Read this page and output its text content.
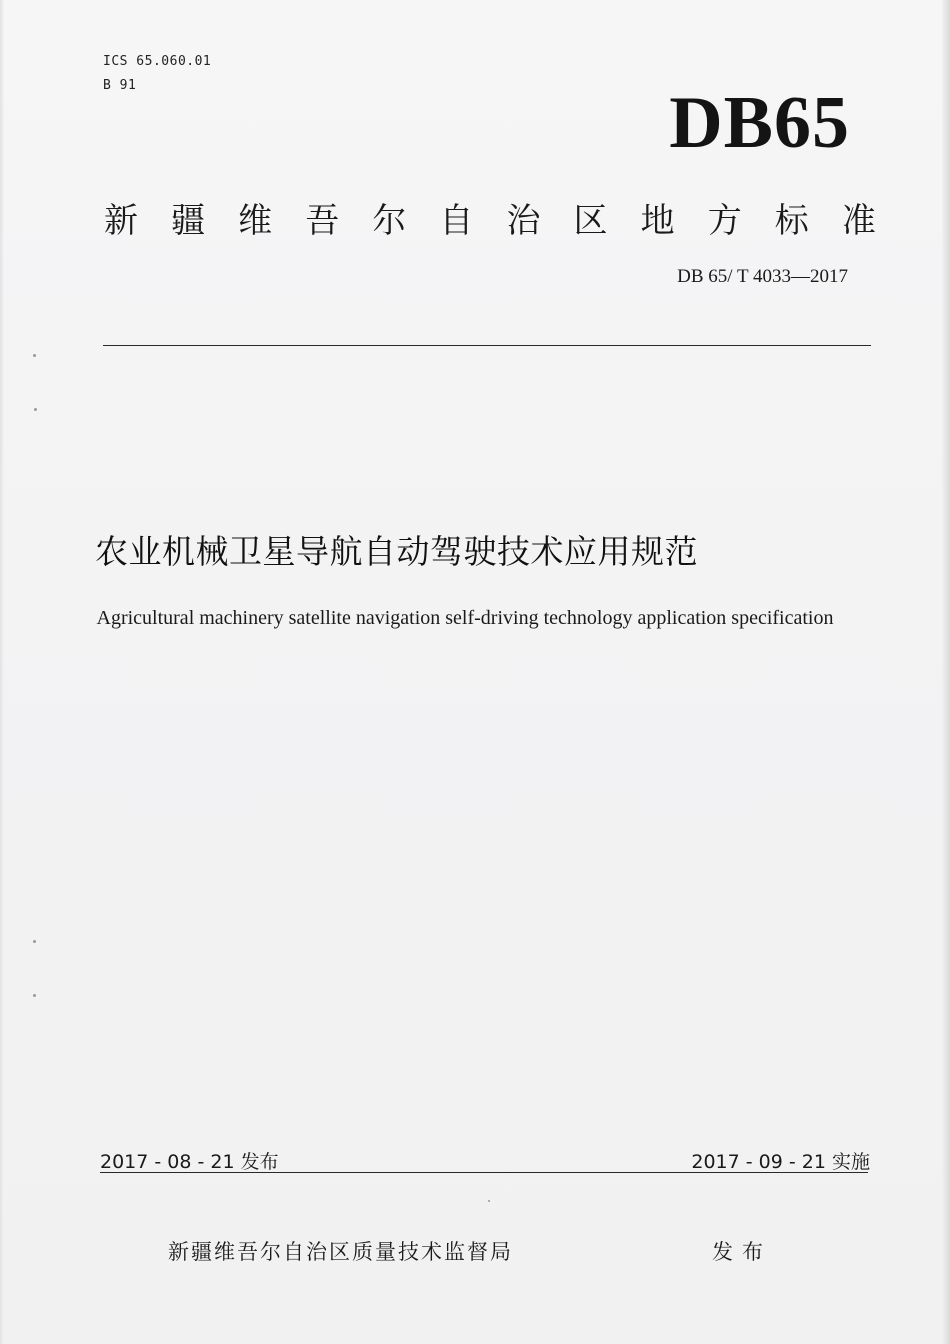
ICS 65.060.01
B 91	DB65
新 疆 维 吾 尔 自 治 区 地 方 标 准
DB 65/ T 4033—2017
农业机械卫星导航自动驾驶技术应用规范
Agricultural machinery satellite navigation self-driving technology application specification
2017 - 08 - 21 发布	2017 - 09 - 21 实施
新疆维吾尔自治区质量技术监督局	发布
